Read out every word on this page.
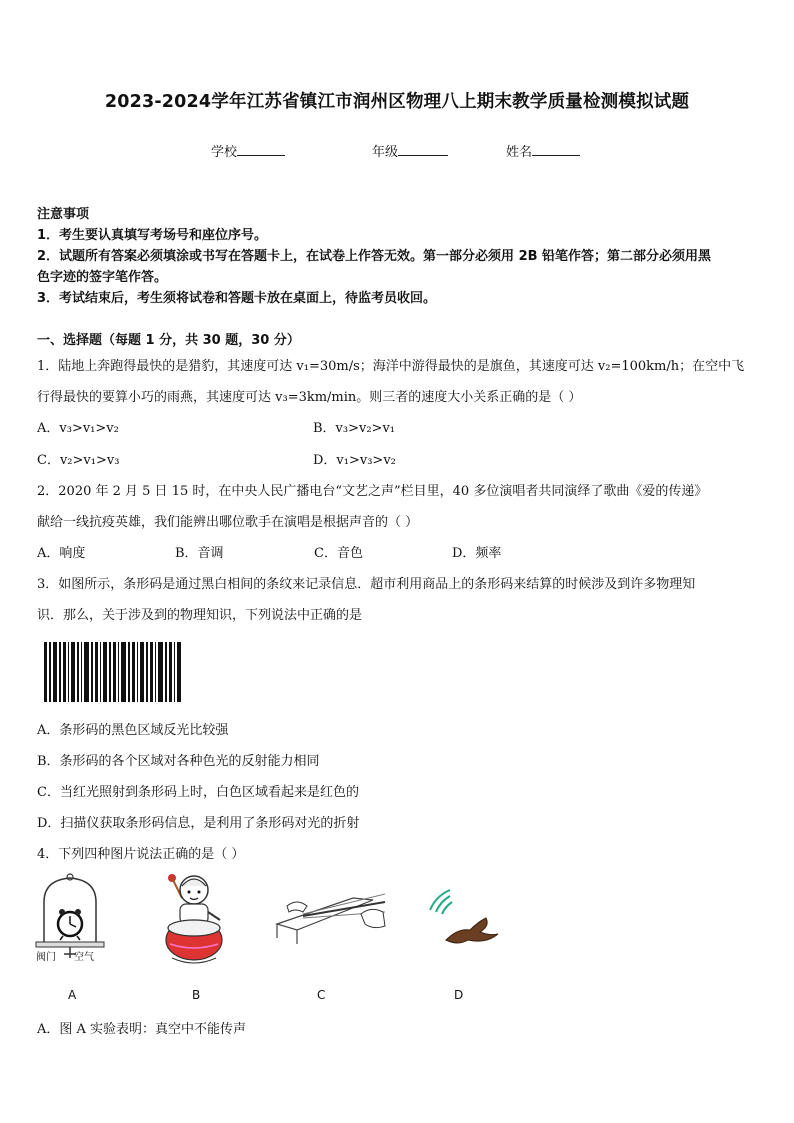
2023-2024学年江苏省镇江市润州区物理八上期末教学质量检测模拟试题
学校	年级	姓名
注意事项
1．考生要认真填写考场号和座位序号。
2．试题所有答案必须填涂或书写在答题卡上，在试卷上作答无效。第一部分必须用 2B 铅笔作答；第二部分必须用黑
色字迹的签字笔作答。
3．考试结束后，考生须将试卷和答题卡放在桌面上，待监考员收回。
一、选择题（每题 1 分，共 30 题，30 分）
1．陆地上奔跑得最快的是猎豹，其速度可达 v₁=30m/s；海洋中游得最快的是旗鱼，其速度可达 v₂=100km/h；在空中飞
行得最快的要算小巧的雨燕，其速度可达 v₃=3km/min。则三者的速度大小关系正确的是（ ）
A．v₃>v₁>v₂	B．v₃>v₂>v₁
C．v₂>v₁>v₃	D．v₁>v₃>v₂
2．2020 年 2 月 5 日 15 时，在中央人民广播电台“文艺之声”栏目里，40 多位演唱者共同演绎了歌曲《爱的传递》
献给一线抗疫英雄，我们能辨出哪位歌手在演唱是根据声音的（ ）
A．响度	B．音调	C．音色	D．频率
3．如图所示，条形码是通过黑白相间的条纹来记录信息．超市利用商品上的条形码来结算的时候涉及到许多物理知
识．那么，关于涉及到的物理知识，下列说法中正确的是
A．条形码的黑色区域反光比较强
B．条形码的各个区域对各种色光的反射能力相同
C．当红光照射到条形码上时，白色区域看起来是红色的
D．扫描仪获取条形码信息，是利用了条形码对光的折射
4．下列四种图片说法正确的是（ ）
阀门 空气
A	B	C	D
A．图 A 实验表明：真空中不能传声
